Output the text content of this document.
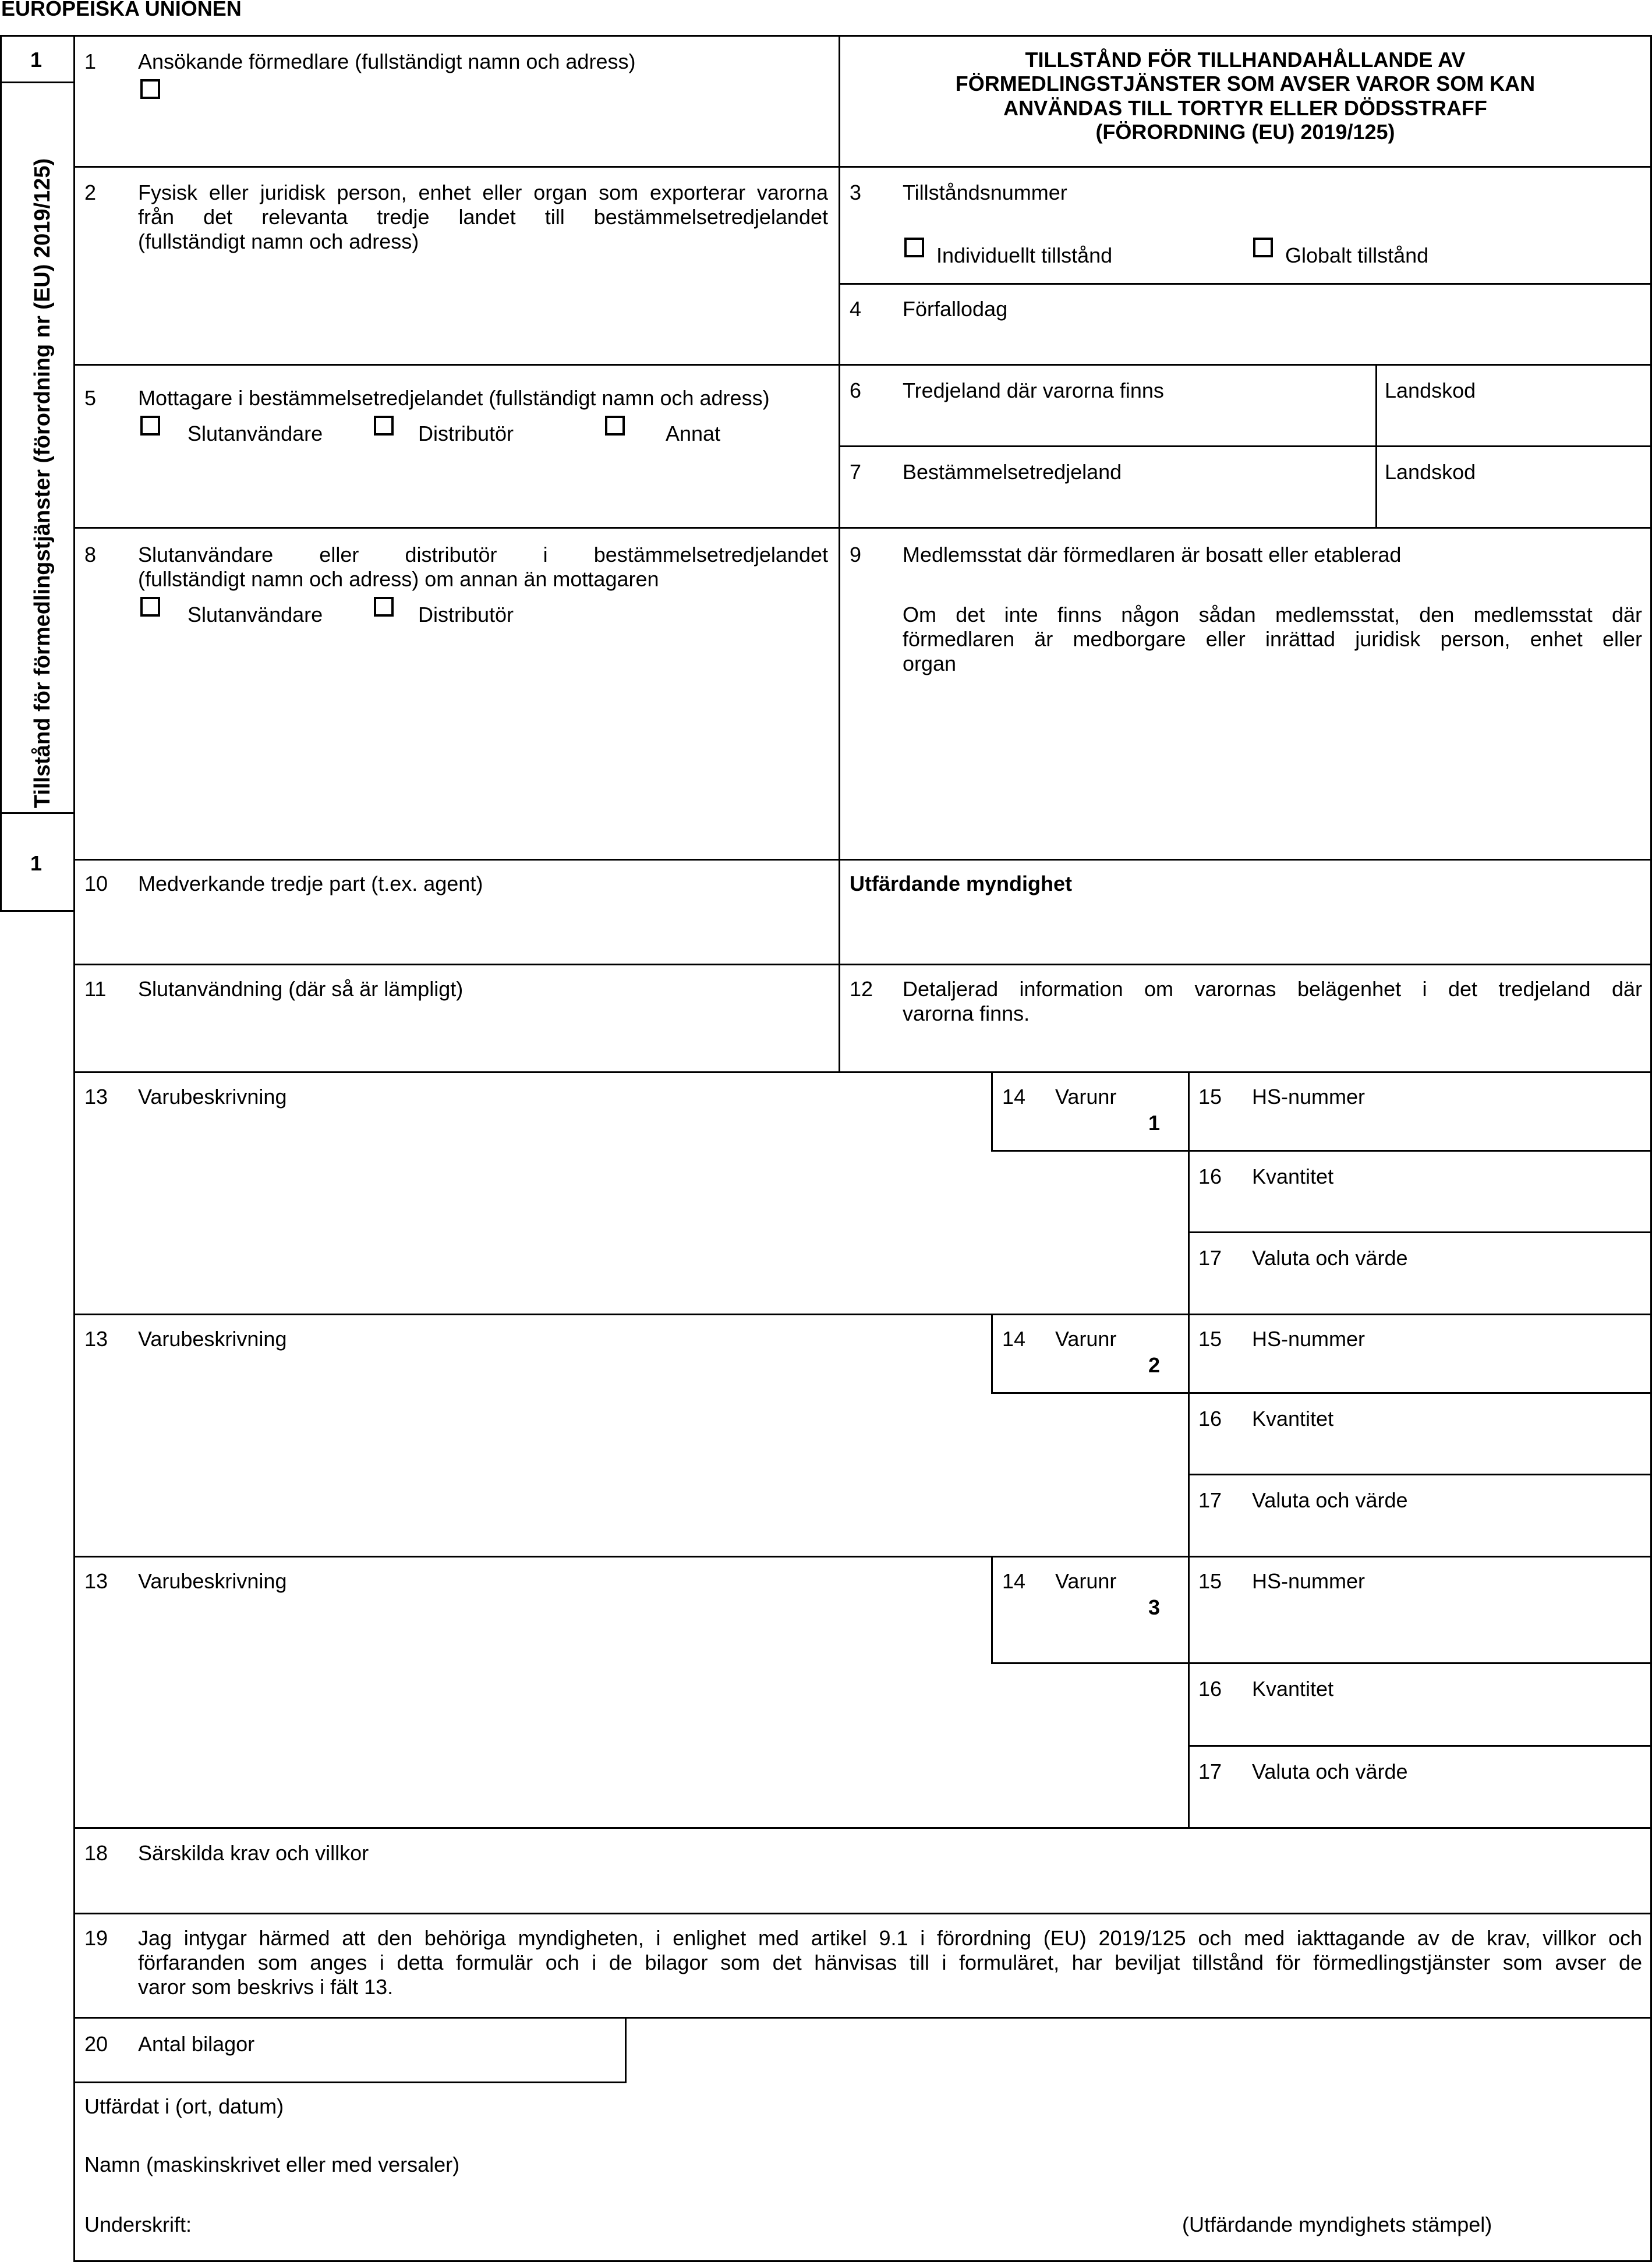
EUROPEISKA UNIONEN
1
1
Tillstånd för förmedlingstjänster (förordning nr (EU) 2019/125)
1 Ansökande förmedlare (fullständigt namn och adress)	TILLSTÅND FÖR TILLHANDAHÅLLANDE AV
FÖRMEDLINGSTJÄNSTER SOM AVSER VAROR SOM KAN
ANVÄNDAS TILL TORTYR ELLER DÖDSSTRAFF
(FÖRORDNING (EU) 2019/125)
2 Fysisk eller juridisk person, enhet eller organ som exporterar varorna
från det relevanta tredje landet till bestämmelsetredjelandet
(fullständigt namn och adress)
3 Tillståndsnummer
Individuellt tillstånd	Globalt tillstånd
4 Förfallodag
5 Mottagare i bestämmelsetredjelandet (fullständigt namn och adress)
Slutanvändare	Distributör	Annat
6 Tredjeland där varorna finns	Landskod
7 Bestämmelsetredjeland	Landskod
8 Slutanvändare eller distributör i bestämmelsetredjelandet
(fullständigt namn och adress) om annan än mottagaren
Slutanvändare	Distributör
9 Medlemsstat där förmedlaren är bosatt eller etablerad
Om det inte finns någon sådan medlemsstat, den medlemsstat där
förmedlaren är medborgare eller inrättad juridisk person, enhet eller
organ
10 Medverkande tredje part (t.ex. agent)	Utfärdande myndighet
11 Slutanvändning (där så är lämpligt)	12 Detaljerad information om varornas belägenhet i det tredjeland där
varorna finns.
13 Varubeskrivning	14 Varunr
1
15 HS-nummer
16 Kvantitet
17 Valuta och värde
13 Varubeskrivning	14 Varunr
2
15 HS-nummer
16 Kvantitet
17 Valuta och värde
13 Varubeskrivning	14 Varunr
3
15 HS-nummer
16 Kvantitet
17 Valuta och värde
18 Särskilda krav och villkor
19 Jag intygar härmed att den behöriga myndigheten, i enlighet med artikel 9.1 i förordning (EU) 2019/125 och med iakttagande av de krav, villkor och
förfaranden som anges i detta formulär och i de bilagor som det hänvisas till i formuläret, har beviljat tillstånd för förmedlingstjänster som avser de
varor som beskrivs i fält 13.
20 Antal bilagor
Utfärdat i (ort, datum)
Namn (maskinskrivet eller med versaler)
Underskrift:	(Utfärdande myndighets stämpel)
